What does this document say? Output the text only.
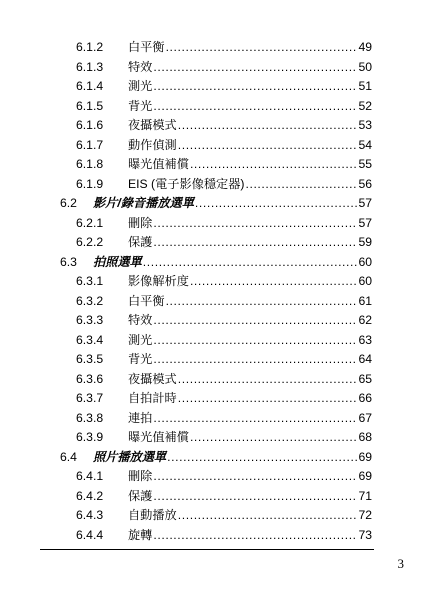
6.1.2 白平衡 .....	49
6.1.3 特效 .....	50
6.1.4 測光 .....	51
6.1.5 背光 .....	52
6.1.6 夜攝模式 .....	53
6.1.7 動作偵測 .....	54
6.1.8 曝光值補償 .....	55
6.1.9 EIS (電子影像穩定器) .....	56
6.2 影片/錄音播放選單 .....	57
6.2.1 刪除 .....	57
6.2.2 保護 .....	59
6.3 拍照選單 .....	60
6.3.1 影像解析度 .....	60
6.3.2 白平衡 .....	61
6.3.3 特效 .....	62
6.3.4 測光 .....	63
6.3.5 背光 .....	64
6.3.6 夜攝模式 .....	65
6.3.7 自拍計時 .....	66
6.3.8 連拍 .....	67
6.3.9 曝光值補償 .....	68
6.4 照片播放選單 .....	69
6.4.1 刪除 .....	69
6.4.2 保護 .....	71
6.4.3 自動播放 .....	72
6.4.4 旋轉 .....	73
3
